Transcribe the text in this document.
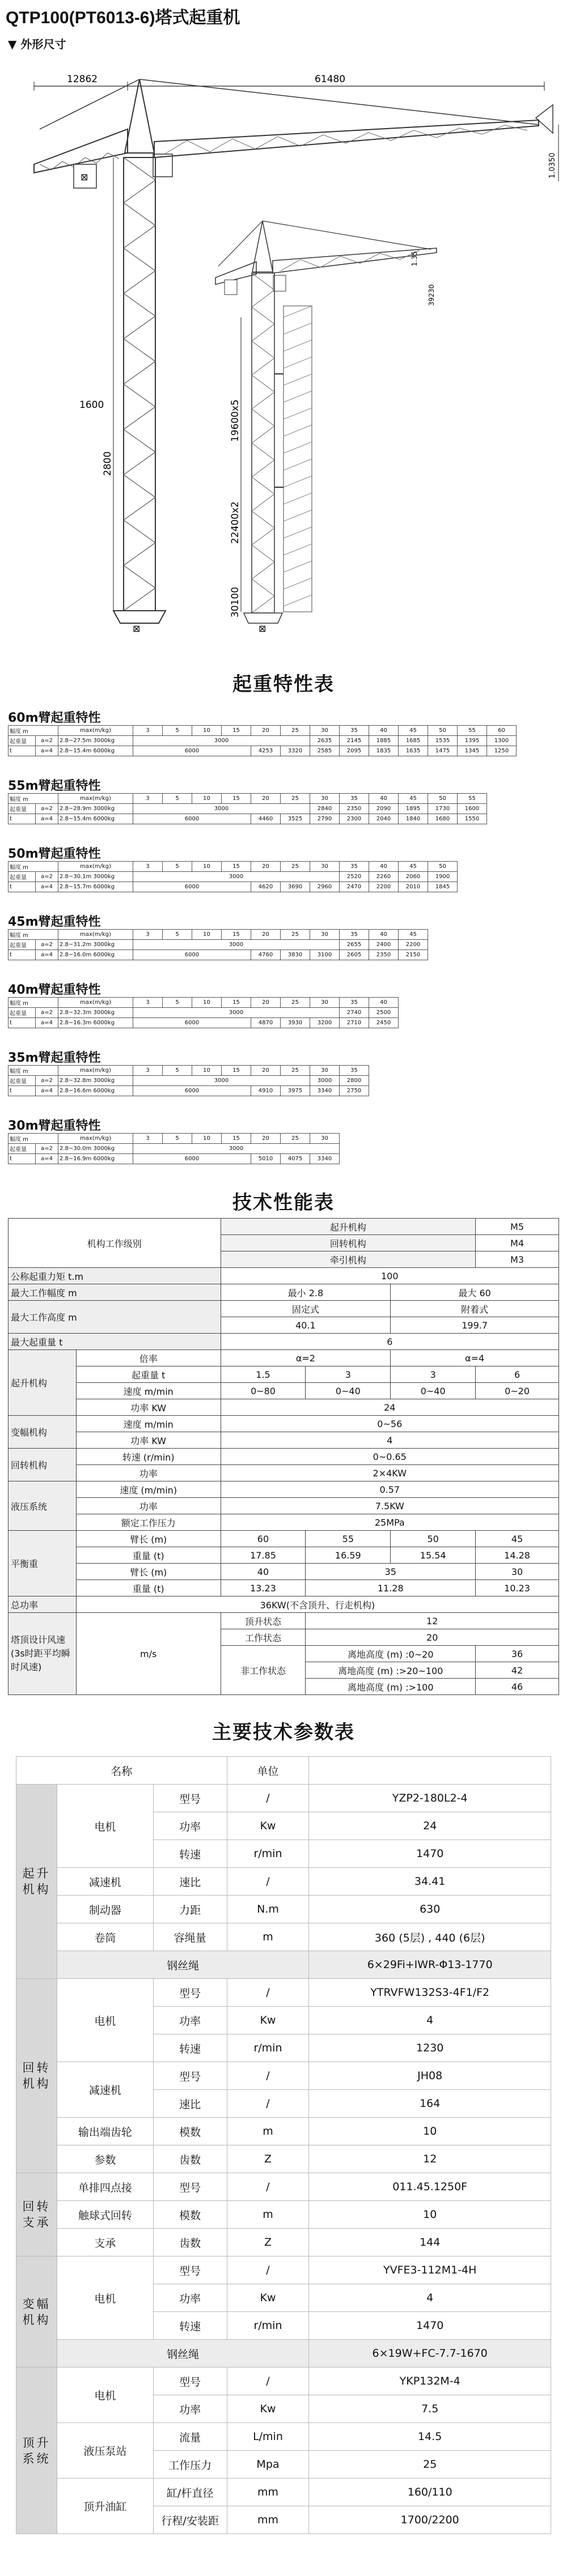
QTP100(PT6013-6)塔式起重机
▼ 外形尺寸
12862	61480
⊠	1.0350
1600
2800
⊠
1.35
39230
19600x5
22400x2
30100
⊠
起重特性表
60m臂起重特性
幅度 m		max(m/kg)	3	5	10	15	20	25	30	35	40	45	50	55	60
起重量	a=2	2.8~27.5m 3000kg	3000						2635	2145	1885	1685	1535	1395	1300
t	a=4	2.8~15.4m 6000kg	6000				4253	3320	2585	2095	1835	1635	1475	1345	1250
55m臂起重特性
幅度 m		max(m/kg)	3	5	10	15	20	25	30	35	40	45	50	55
起重量	a=2	2.8~28.9m 3000kg	3000						2840	2350	2090	1895	1730	1600
t	a=4	2.8~15.4m 6000kg	6000				4460	3525	2790	2300	2040	1840	1680	1550
50m臂起重特性
幅度 m		max(m/kg)	3	5	10	15	20	25	30	35	40	45	50
起重量	a=2	2.8~30.1m 3000kg	3000							2520	2260	2060	1900
t	a=4	2.8~15.7m 6000kg	6000				4620	3690	2960	2470	2200	2010	1845
45m臂起重特性
幅度 m		max(m/kg)	3	5	10	15	20	25	30	35	40	45
起重量	a=2	2.8~31.2m 3000kg	3000							2655	2400	2200
t	a=4	2.8~16.0m 6000kg	6000				4760	3830	3100	2605	2350	2150
40m臂起重特性
幅度 m		max(m/kg)	3	5	10	15	20	25	30	35	40
起重量	a=2	2.8~32.3m 3000kg	3000							2740	2500
t	a=4	2.8~16.3m 6000kg	6000				4870	3930	3200	2710	2450
35m臂起重特性
幅度 m		max(m/kg)	3	5	10	15	20	25	30	35
起重量	a=2	2.8~32.8m 3000kg	3000						3000	2800
t	a=4	2.8~16.6m 6000kg	6000				4910	3975	3340	2750
30m臂起重特性
幅度 m		max(m/kg)	3	5	10	15	20	25	30
起重量	a=2	2.8~30.0m 3000kg	3000						
t	a=4	2.8~16.9m 6000kg	6000				5010	4075	3340
技术性能表
机构工作级别		起升机构			M5
		回转机构			M4
		牵引机构			M3
公称起重力矩 t.m		100			
最大工作幅度 m		最小 2.8		最大 60	
最大工作高度 m		固定式		附着式	
		40.1		199.7	
最大起重量 t		6			
起升机构	倍率	α=2		α=4	
	起重量 t	1.5	3	3	6
	速度 m/min	0~80	0~40	0~40	0~20
	功率 KW	24			
变幅机构	速度 m/min	0~56			
	功率 KW	4			
回转机构	转速 (r/min)	0~0.65			
	功率	2×4KW			
液压系统	速度 (m/min)	0.57			
	功率	7.5KW			
	额定工作压力	25MPa			
平衡重	臂长 (m)	60	55	50	45
	重量 (t)	17.85	16.59	15.54	14.28
	臂长 (m)	40	35		30
	重量 (t)	13.23	11.28		10.23
总功率	36KW(不含顶升、行走机构)				
塔顶设计风速(3s时距平均瞬时风速)	m/s	顶升状态	12		
		工作状态	20		
		非工作状态	离地高度 (m) :0~20		36
			离地高度 (m) :>20~100		42
			离地高度 (m) :>100		46
主要技术参数表
名称			单位	
起升机构	电机	型号	/	YZP2-180L2-4
		功率	Kw	24
		转速	r/min	1470
	减速机	速比	/	34.41
	制动器	力距	N.m	630
	卷筒	容绳量	m	360 (5层) , 440 (6层)
	钢丝绳			6×29Fi+IWR-Φ13-1770
回转机构	电机	型号	/	YTRVFW132S3-4F1/F2
		功率	Kw	4
		转速	r/min	1230
	减速机	型号	/	JH08
		速比	/	164
	输出端齿轮	模数	m	10
	参数	齿数	Z	12
回转支承	单排四点接	型号	/	011.45.1250F
	触球式回转	模数	m	10
	支承	齿数	Z	144
变幅机构	电机	型号	/	YVFE3-112M1-4H
		功率	Kw	4
		转速	r/min	1470
	钢丝绳			6×19W+FC-7.7-1670
顶升系统	电机	型号	/	YKP132M-4
		功率	Kw	7.5
	液压泵站	流量	L/min	14.5
		工作压力	Mpa	25
	顶升油缸	缸/杆直径	mm	160/110
		行程/安装距	mm	1700/2200
